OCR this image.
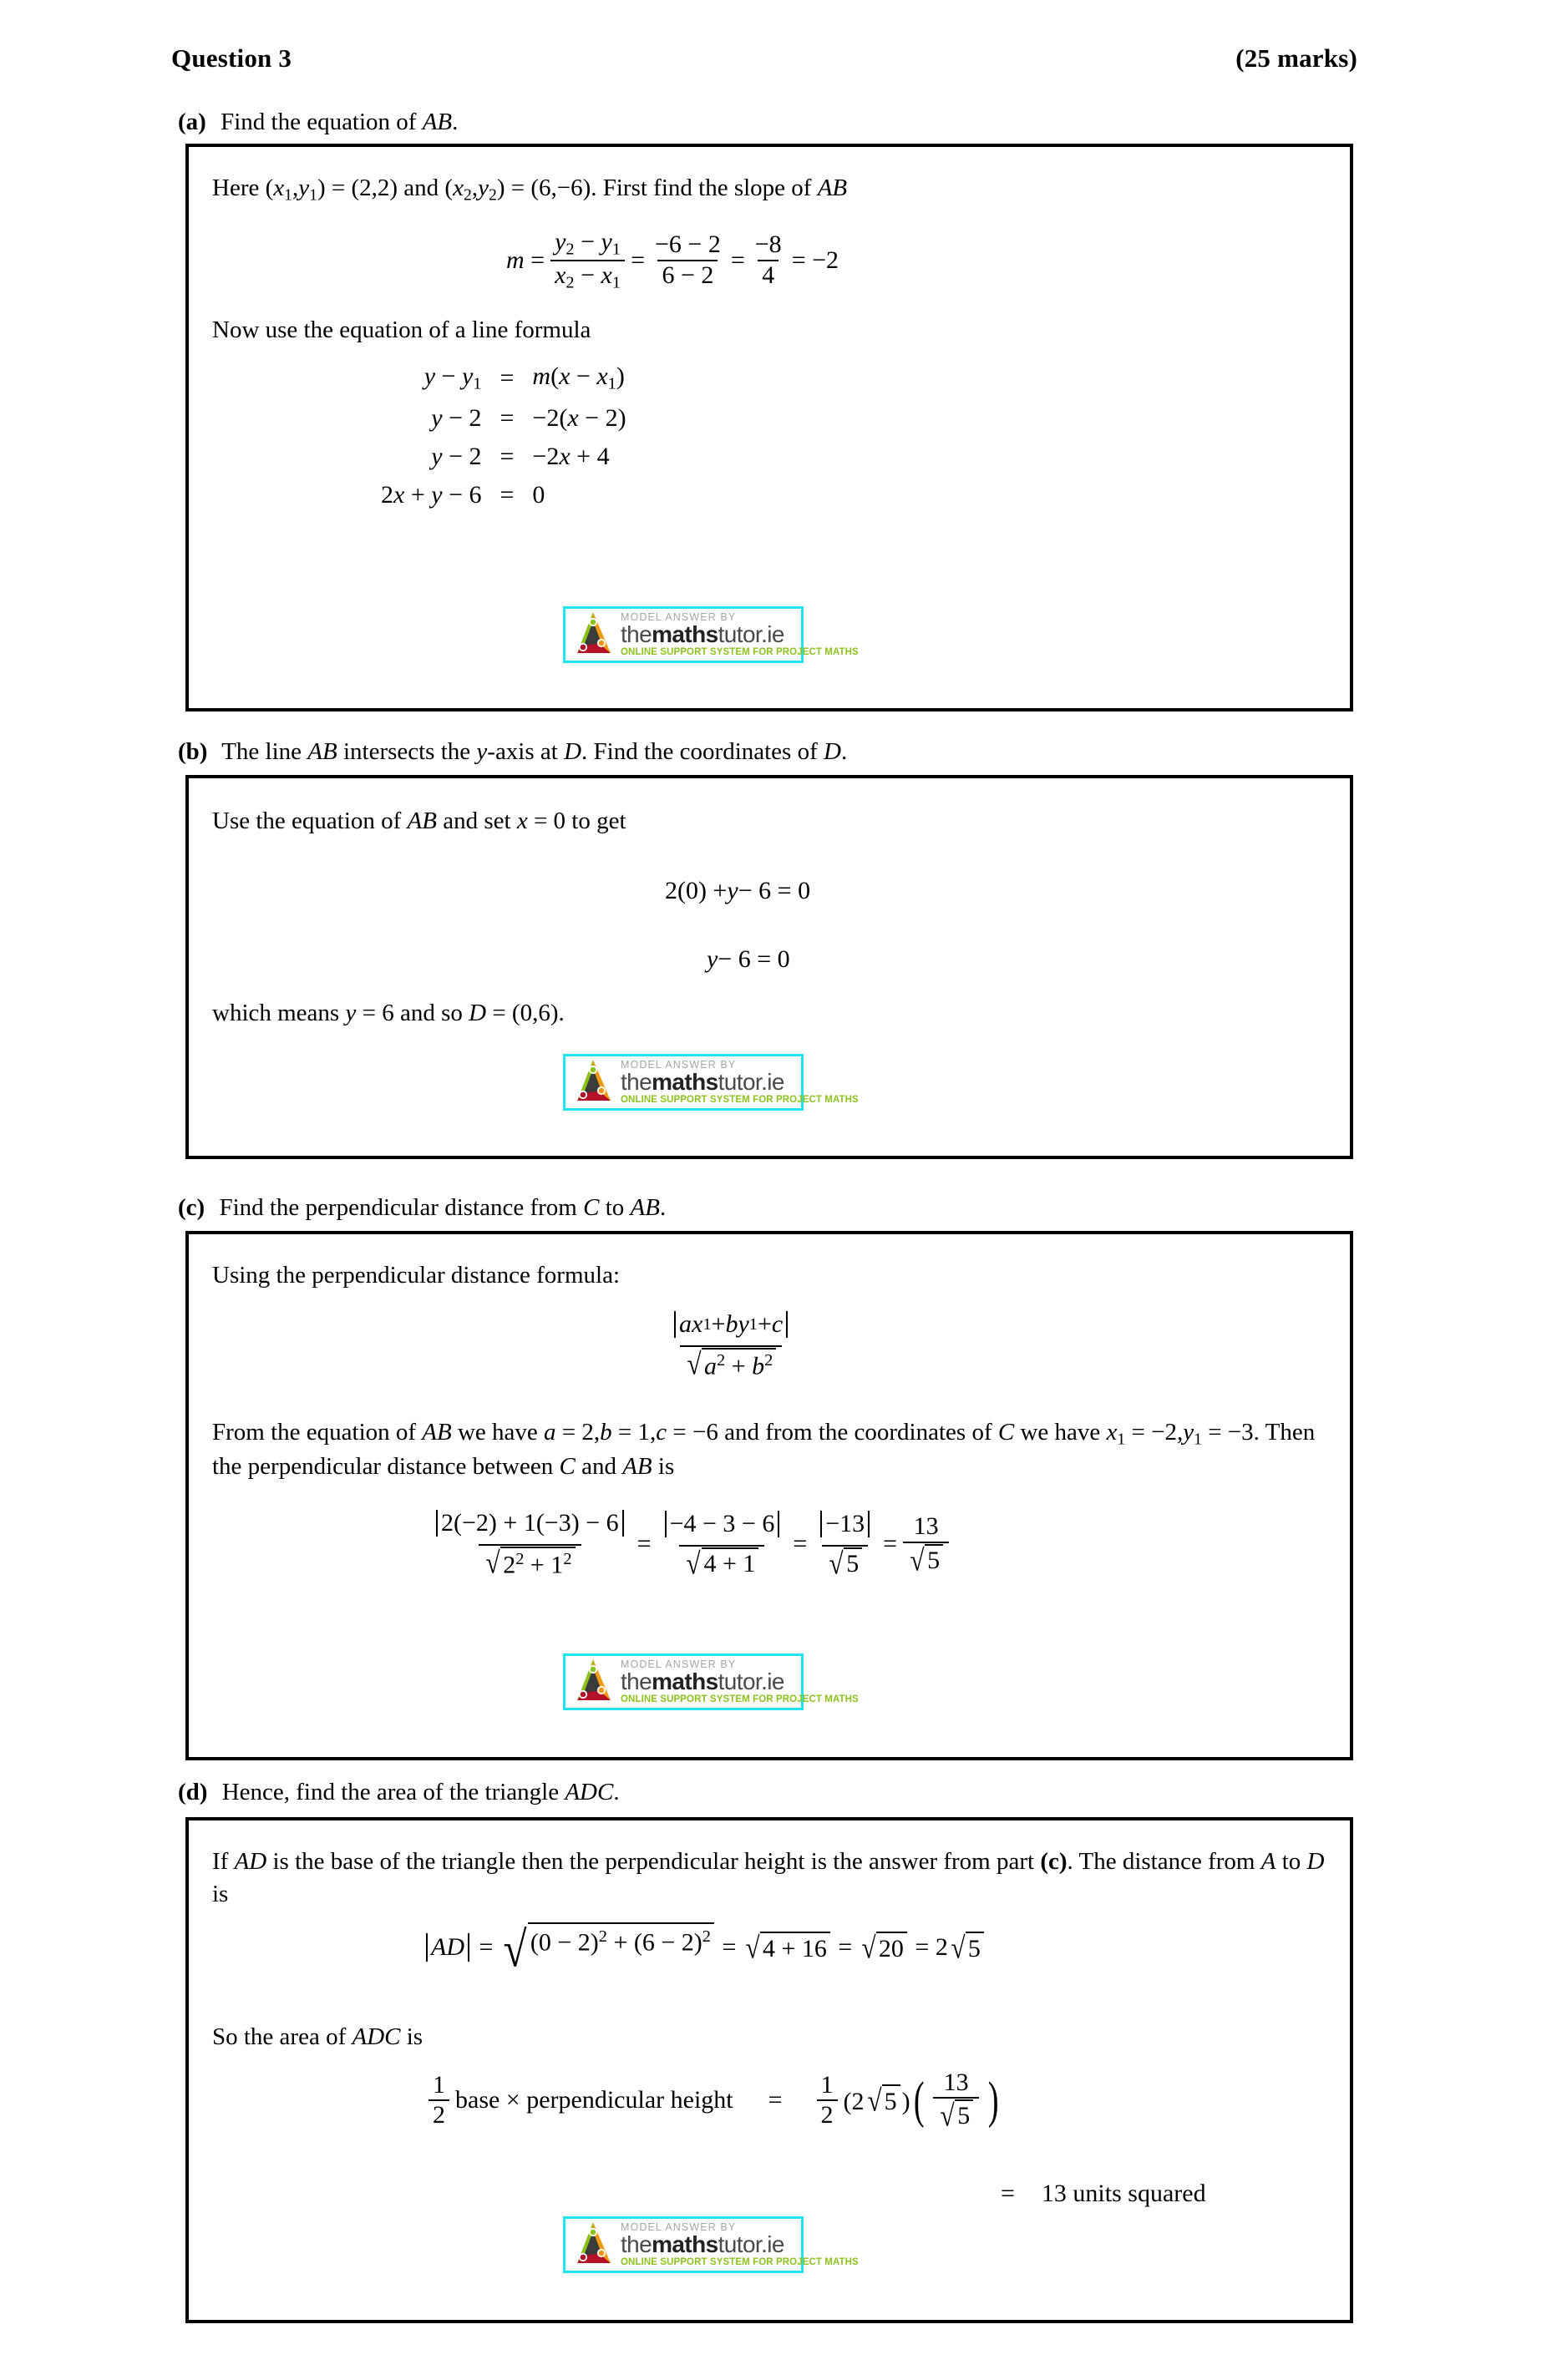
Question 3	(25 marks)
(a) Find the equation of AB.
Here $(x_1,y_1) = (2,2)$ and $(x_2,y_2) = (6,-6)$. First find the slope of AB
$m = \frac{y_2 - y_1}{x_2 - x_1} = \frac{-6 - 2}{6 - 2} = \frac{-8}{4} = -2$
Now use the equation of a line formula
$y - y_1 = m(x - x_1)$
y − 2 = −2(x − 2)
y − 2 = −2x + 4
2x + y − 6 = 0
MODEL ANSWER BY
themathstutor.ie
ONLINE SUPPORT SYSTEM FOR PROJECT MATHS
(b) The line AB intersects the y-axis at D. Find the coordinates of D.
Use the equation of AB and set x = 0 to get
2(0) + y − 6 = 0
y − 6 = 0
which means y = 6 and so D = (0,6).
MODEL ANSWER BY
themathstutor.ie
ONLINE SUPPORT SYSTEM FOR PROJECT MATHS
(c) Find the perpendicular distance from C to AB.
Using the perpendicular distance formula:
$\frac{ax 1 + by 1 + c}{√ a^2 + b^2}$
From the equation of AB we have a = 2,b = 1,c = −6 and from the coordinates of C we have $x_1 = -2,y_1 = -3$. Then the perpendicular distance between C and AB is
$\frac{2(-2) + 1(-3) - 6}{√ 2^2 + 1^2} = \frac{-4 - 3 - 6}{√ 4 + 1} = \frac{-13}{√ 5} = \frac{13}{√ 5}$
MODEL ANSWER BY
themathstutor.ie
ONLINE SUPPORT SYSTEM FOR PROJECT MATHS
(d) Hence, find the area of the triangle ADC.
If AD is the base of the triangle then the perpendicular height is the answer from part (c). The distance from A to D is
AD = √ $(0 - 2)^2 + (6 - 2)^2$ = √ 4 + 16 = √ 20 = 2 √ 5
So the area of ADC is
$\frac{1}{2}$ base × perpendicular height = $\frac{1}{2} (2$ √ 5 ) ( $\frac{13}{√ 5}$ )
= 13 units squared
MODEL ANSWER BY
themathstutor.ie
ONLINE SUPPORT SYSTEM FOR PROJECT MATHS
